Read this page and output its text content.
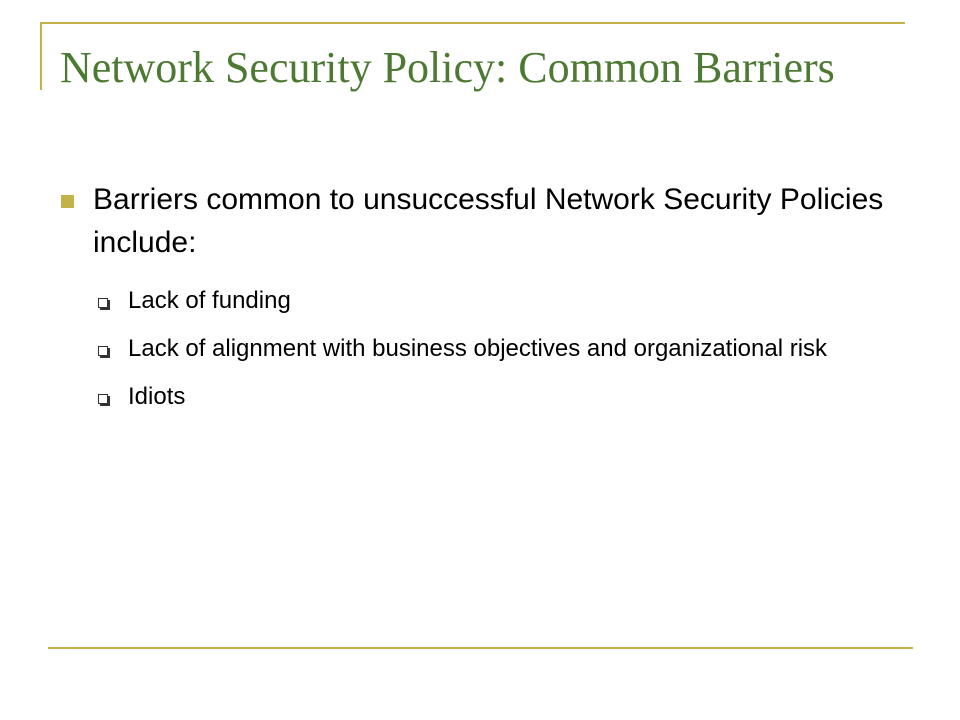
Network Security Policy: Common Barriers
Barriers common to unsuccessful Network Security Policies include:
Lack of funding
Lack of alignment with business objectives and organizational risk
Idiots
